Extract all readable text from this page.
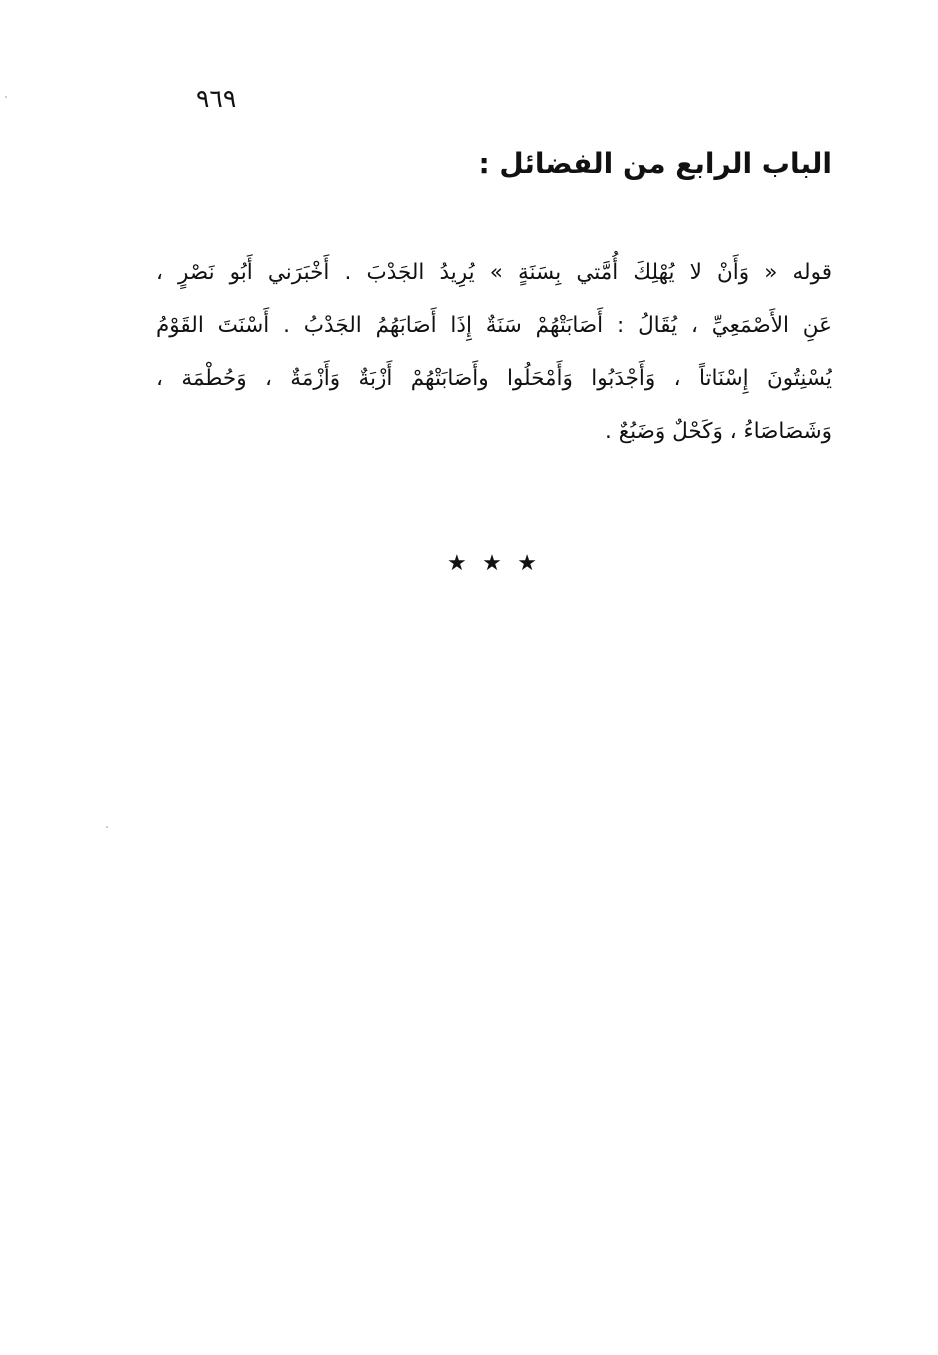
٩٦٩
الباب الرابع من الفضائل :
قوله « وَأَنْ لا يُهْلِكَ أُمَّتي بِسَنَةٍ » يُرِيدُ الجَدْبَ . أَخْبَرَني أَبُو نَصْرٍ ،
عَنِ الأَصْمَعِيِّ ، يُقَالُ : أَصَابَتْهُمْ سَنَةٌ إِذَا أَصَابَهُمُ الجَدْبُ . أَسْنَتَ القَوْمُ
يُسْنِتُونَ إِسْنَاتاً ، وَأَجْدَبُوا وَأَمْحَلُوا وأَصَابَتْهُمْ أَزْبَةٌ وَأَزْمَةٌ ، وَحُطْمَة ،
وَشَصَاصَاءُ ، وَكَحْلٌ وَضَبُعٌ .
★ ★ ★
